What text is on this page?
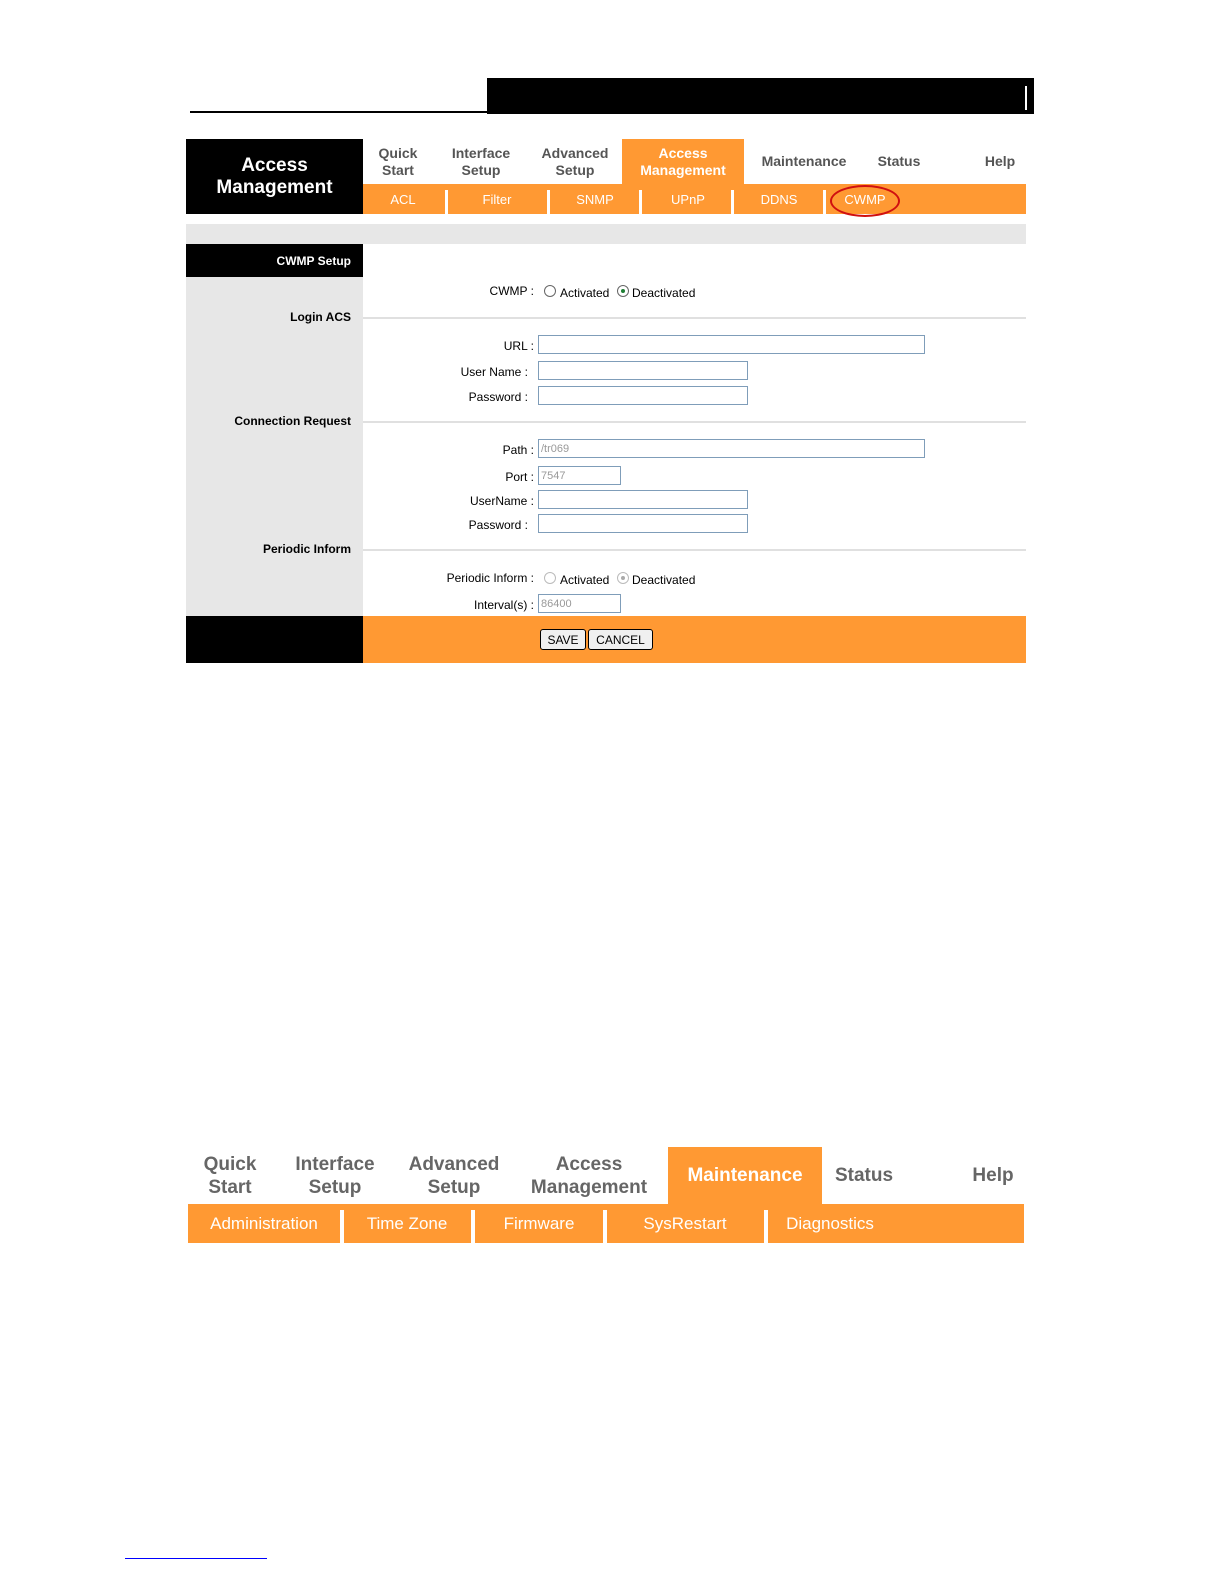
Access
Management
Quick
Start
Interface
Setup
Advanced
Setup
Access
Management
Maintenance Status	Help
ACL	Filter	SNMP	UPnP	DDNS	CWMP
CWMP Setup
Login ACS
Connection Request
Periodic Inform
CWMP : Activated Deactivated
URL :
User Name :
Password :
Path :
/tr069
Port :
7547
UserName :
Password :
Periodic Inform : Activated Deactivated
Interval(s) :
86400
SAVE	CANCEL
Quick
Start
Interface
Setup
Advanced
Setup
Access
Management
Maintenance Status	Help
Administration	Time Zone	Firmware	SysRestart	Diagnostics
